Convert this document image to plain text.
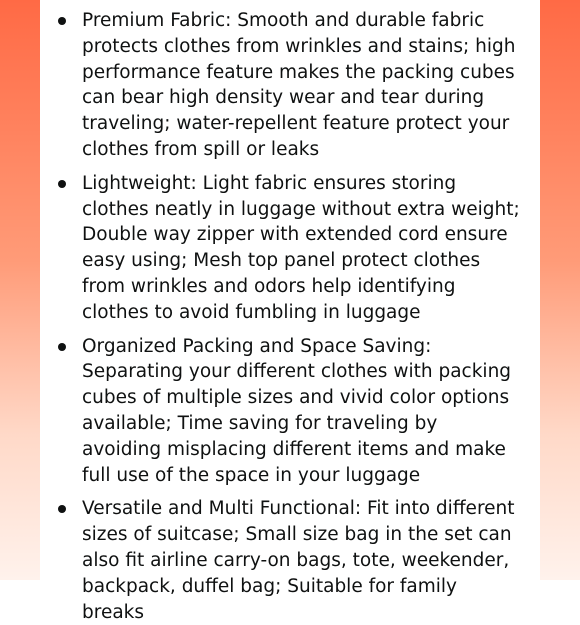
Premium Fabric: Smooth and durable fabric protects clothes from wrinkles and stains; high performance feature makes the packing cubes can bear high density wear and tear during traveling; water-repellent feature protect your clothes from spill or leaks
Lightweight: Light fabric ensures storing clothes neatly in luggage without extra weight; Double way zipper with extended cord ensure easy using; Mesh top panel protect clothes from wrinkles and odors help identifying clothes to avoid fumbling in luggage
Organized Packing and Space Saving: Separating your different clothes with packing cubes of multiple sizes and vivid color options available; Time saving for traveling by avoiding misplacing different items and make full use of the space in your luggage
Versatile and Multi Functional: Fit into different sizes of suitcase; Small size bag in the set can also fit airline carry-on bags, tote, weekender, backpack, duffel bag; Suitable for family breaks
